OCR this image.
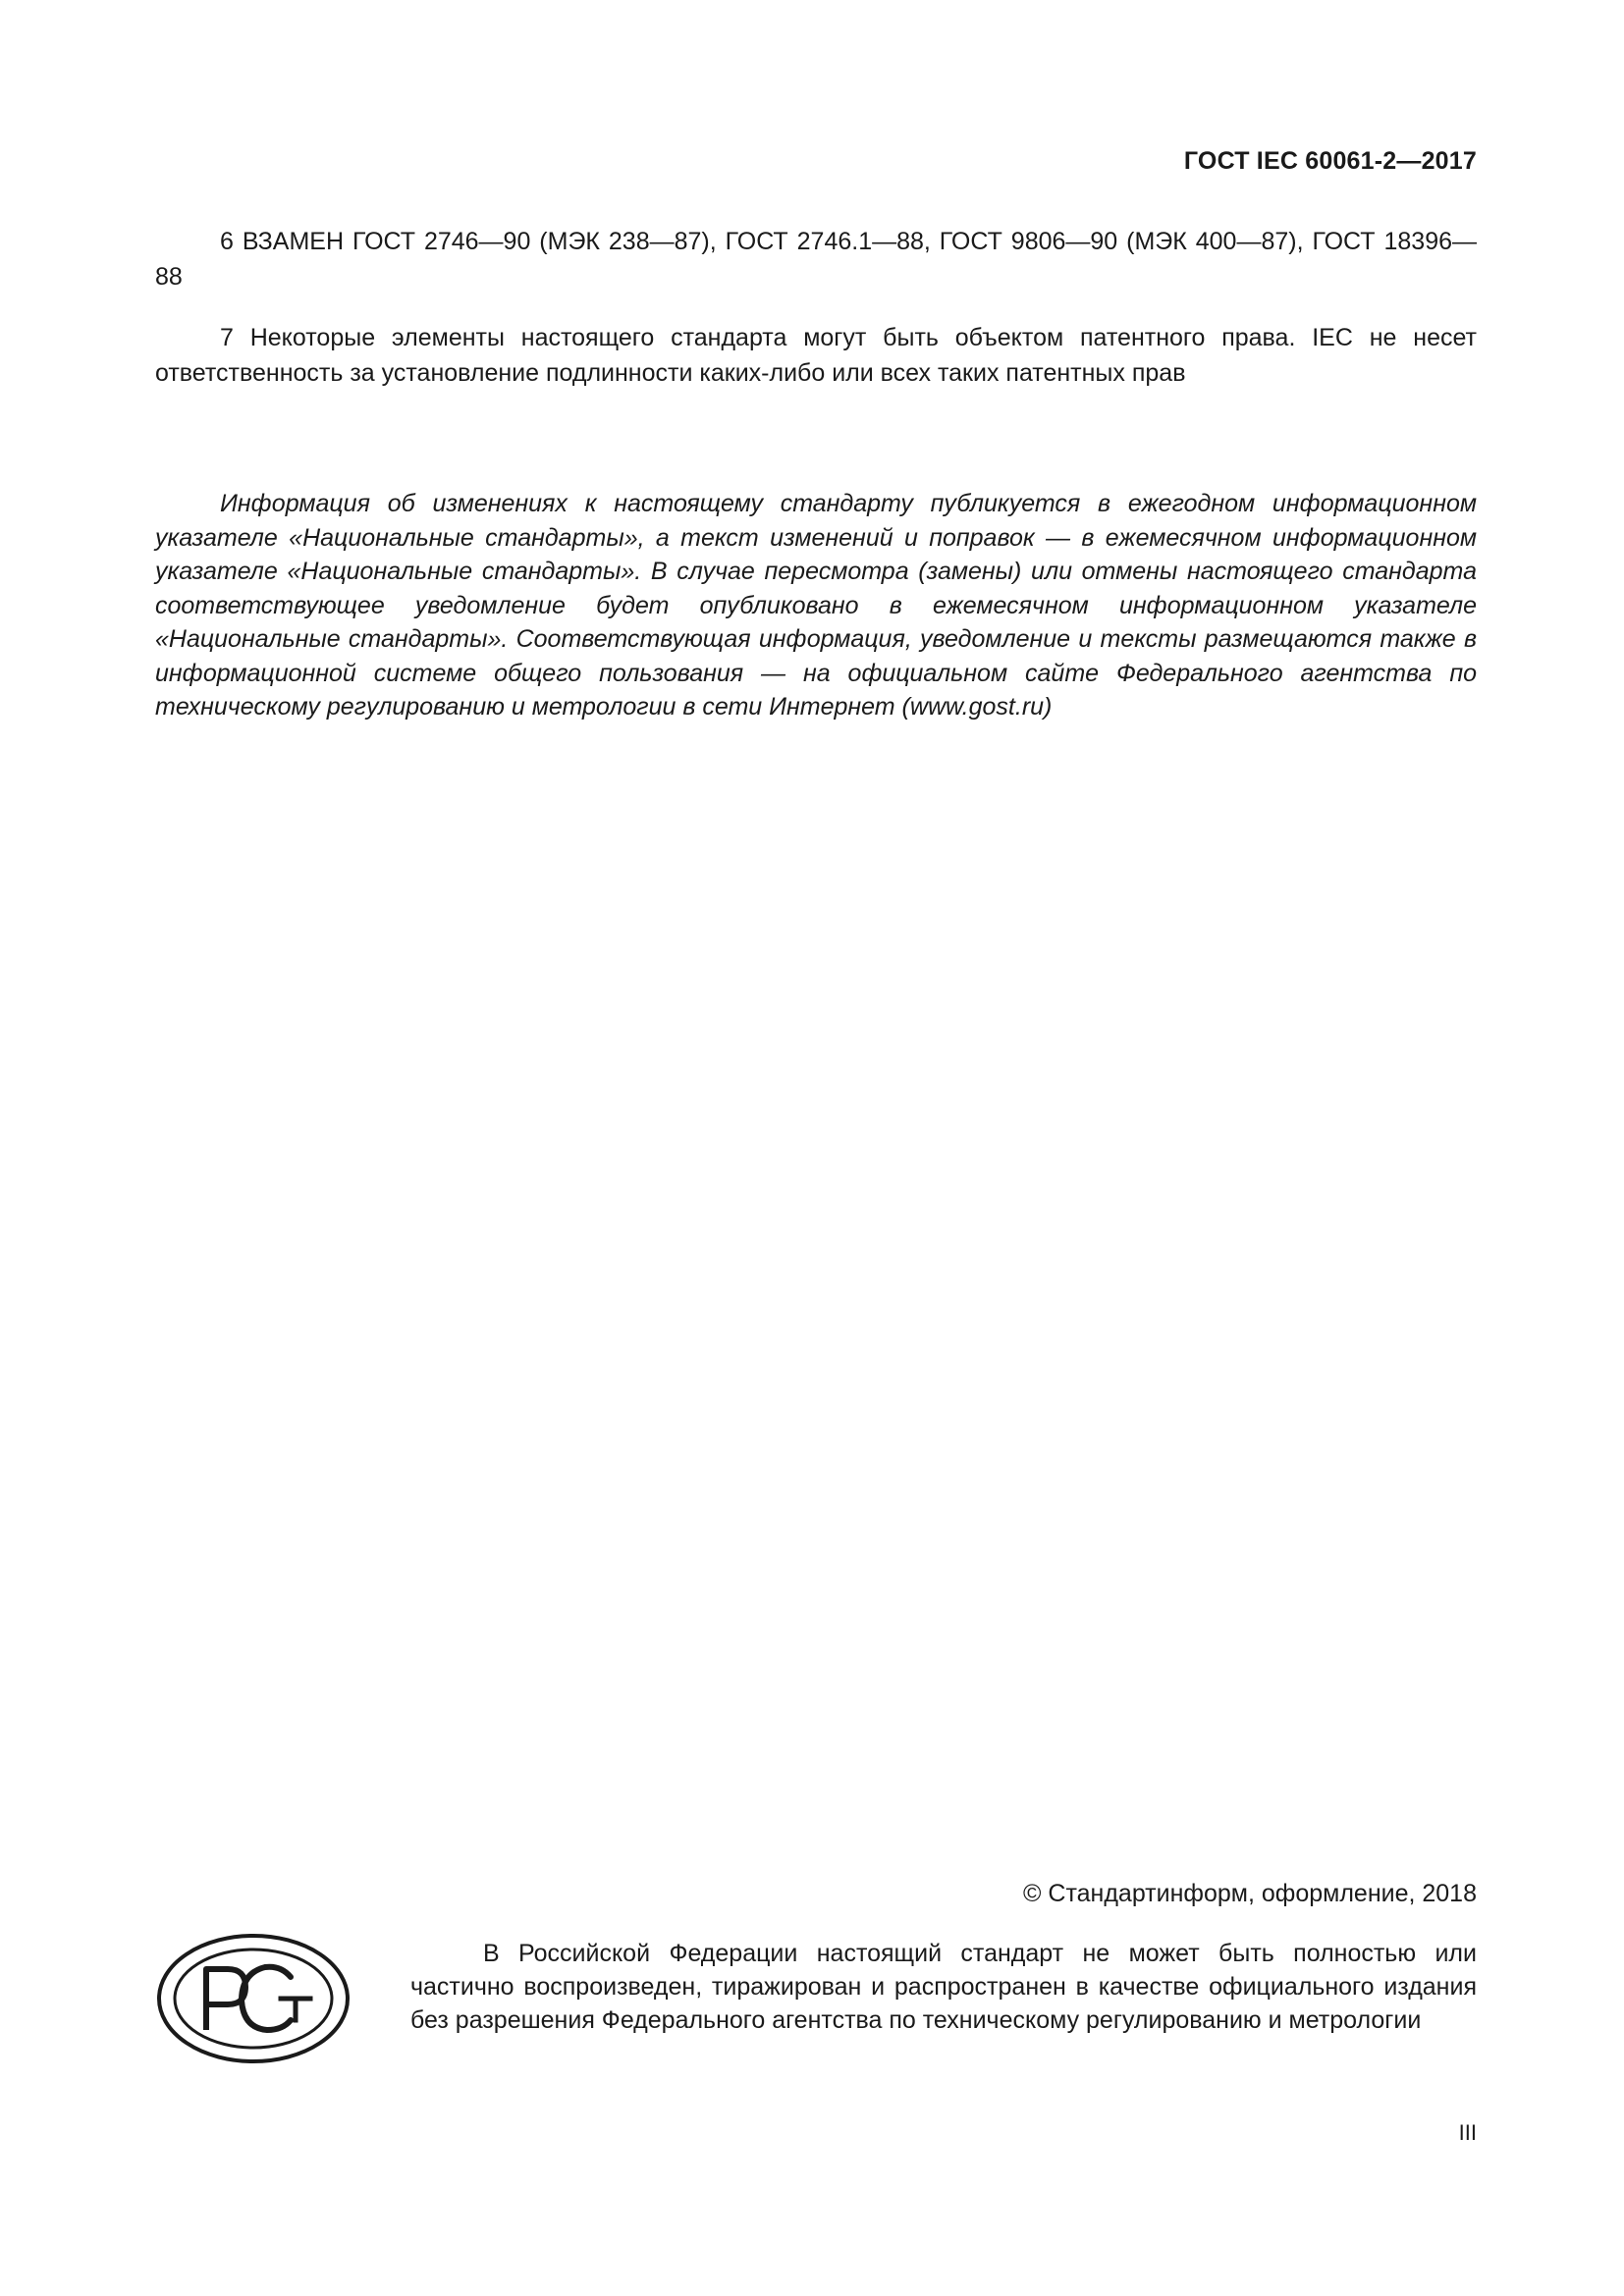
ГОСТ IEC 60061-2—2017

6 ВЗАМЕН ГОСТ 2746—90 (МЭК 238—87), ГОСТ 2746.1—88, ГОСТ 9806—90 (МЭК 400—87), ГОСТ 18396—88

7 Некоторые элементы настоящего стандарта могут быть объектом патентного права. IEC не несет ответственность за установление подлинности каких-либо или всех таких патентных прав

Информация об изменениях к настоящему стандарту публикуется в ежегодном информационном указателе «Национальные стандарты», а текст изменений и поправок — в ежемесячном информационном указателе «Национальные стандарты». В случае пересмотра (замены) или отмены настоящего стандарта соответствующее уведомление будет опубликовано в ежемесячном информационном указателе «Национальные стандарты». Соответствующая информация, уведомление и тексты размещаются также в информационной системе общего пользования — на официальном сайте Федерального агентства по техническому регулированию и метрологии в сети Интернет (www.gost.ru)

© Стандартинформ, оформление, 2018

В Российской Федерации настоящий стандарт не может быть полностью или частично воспроизведен, тиражирован и распространен в качестве официального издания без разрешения Федерального агентства по техническому регулированию и метрологии

III
